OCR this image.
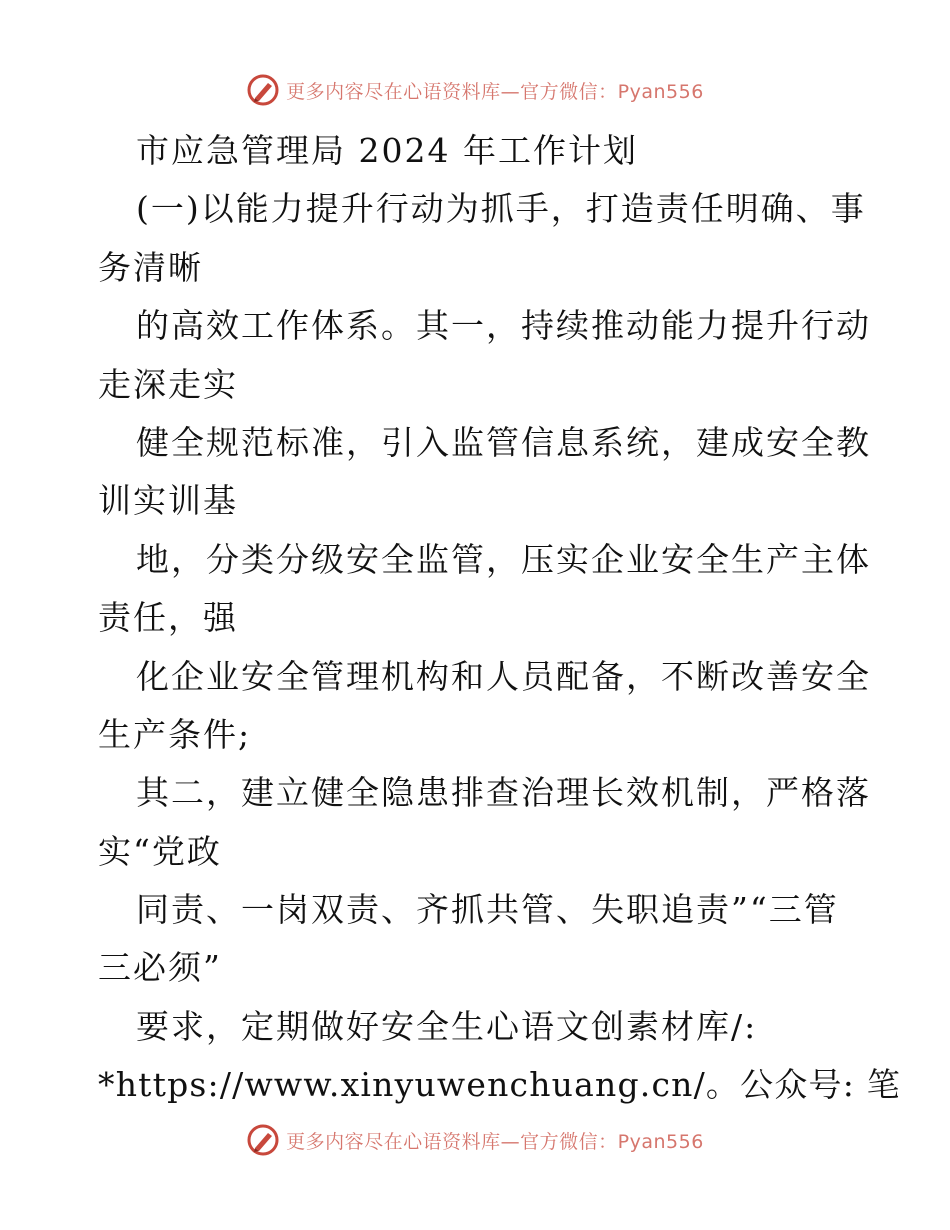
更多内容尽在心语资料库—官方微信：Pyan556
市应急管理局 2024 年工作计划
(一)以能力提升行动为抓手，打造责任明确、事
务清晰
的高效工作体系。其一，持续推动能力提升行动
走深走实
健全规范标准，引入监管信息系统，建成安全教
训实训基
地，分类分级安全监管，压实企业安全生产主体
责任，强
化企业安全管理机构和人员配备，不断改善安全
生产条件;
其二，建立健全隐患排查治理长效机制，严格落
实“党政
同责、一岗双责、齐抓共管、失职追责”“三管
三必须”
要求，定期做好安全生心语文创素材库/:
*https://www.xinyuwenchuang.cn/。公众号: 笔
更多内容尽在心语资料库—官方微信：Pyan556
